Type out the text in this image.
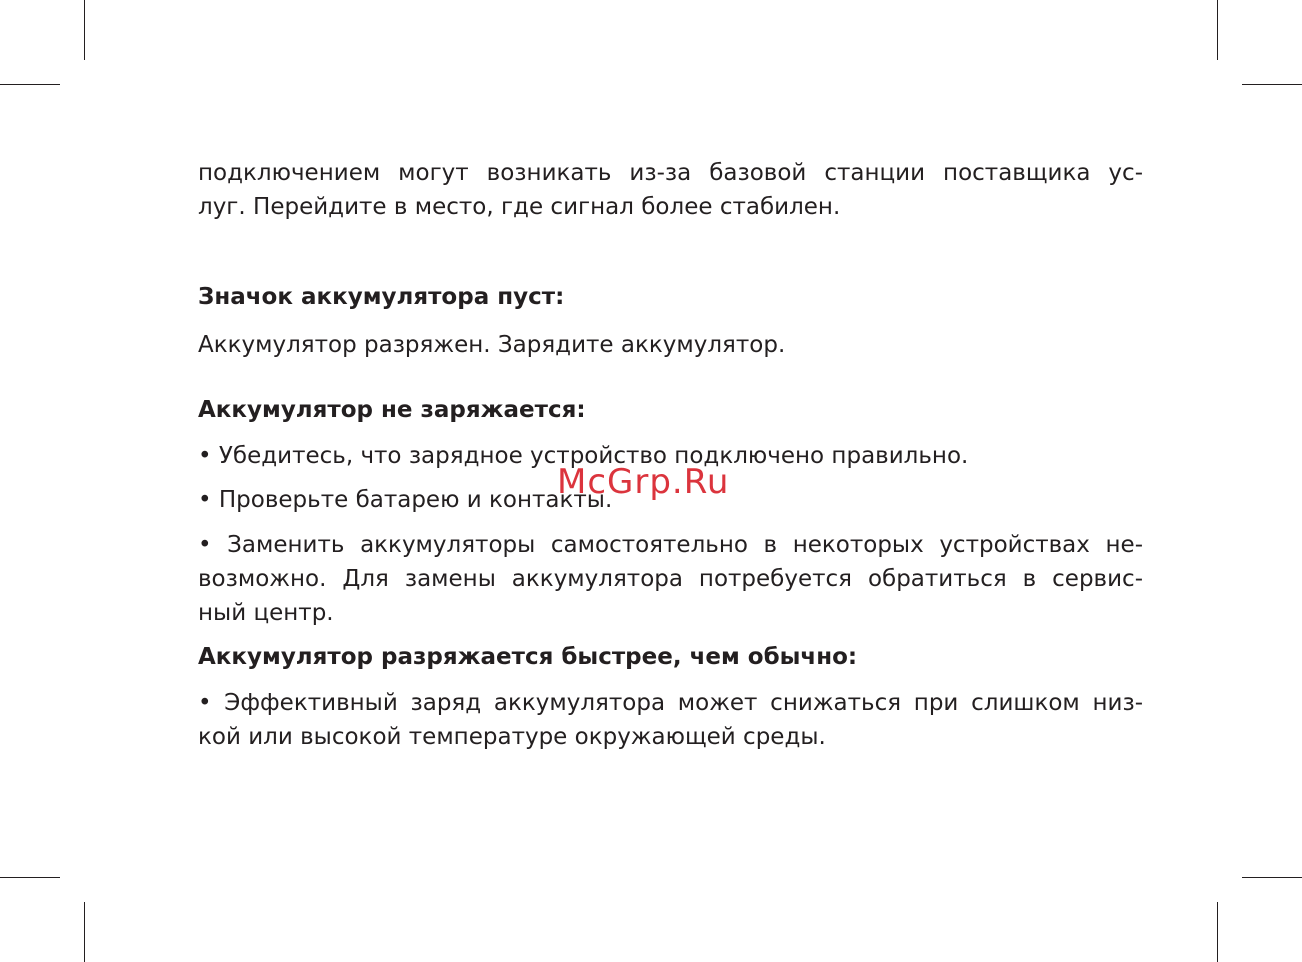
подключением могут возникать из-за базовой станции поставщика ус-
луг. Перейдите в место, где сигнал более стабилен.

Значок аккумулятора пуст:

Аккумулятор разряжен. Зарядите аккумулятор.

Аккумулятор не заряжается:

• Убедитесь, что зарядное устройство подключено правильно.

• Проверьте батарею и контакты.

• Заменить аккумуляторы самостоятельно в некоторых устройствах не-
возможно. Для замены аккумулятора потребуется обратиться в сервис-
ный центр.

Аккумулятор разряжается быстрее, чем обычно:

• Эффективный заряд аккумулятора может снижаться при слишком низ-
кой или высокой температуре окружающей среды.

McGrp.Ru
